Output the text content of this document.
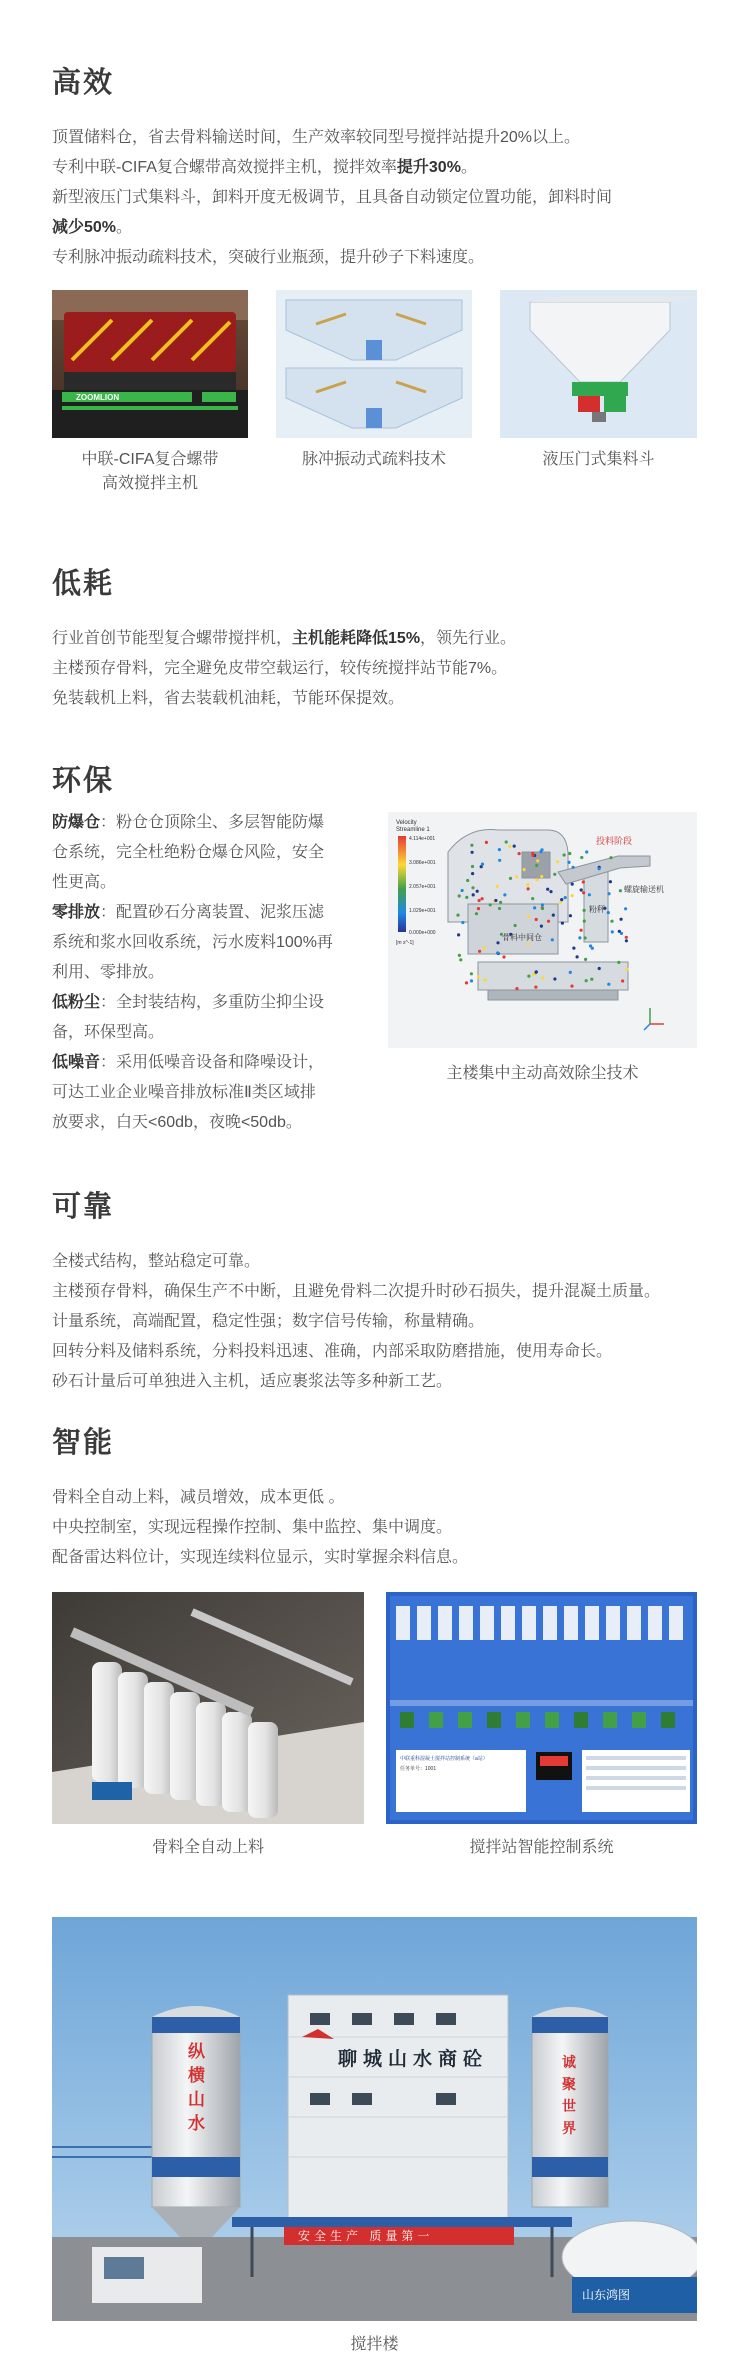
高效

顶置储料仓，省去骨料输送时间，生产效率较同型号搅拌站提升20%以上。

专利中联-CIFA复合螺带高效搅拌主机，搅拌效率提升30%。

新型液压门式集料斗，卸料开度无极调节，且具备自动锁定位置功能，卸料时间

减少50%。

专利脉冲振动疏料技术，突破行业瓶颈，提升砂子下料速度。

ZOOMLION
中联-CIFA复合螺带
高效搅拌主机
脉冲振动式疏料技术	液压门式集料斗
低耗

行业首创节能型复合螺带搅拌机，主机能耗降低15%，领先行业。

主楼预存骨料，完全避免皮带空载运行，较传统搅拌站节能7%。

免装载机上料，省去装载机油耗，节能环保提效。

环保

防爆仓：粉仓仓顶除尘、多层智能防爆

仓系统，完全杜绝粉仓爆仓风险，安全

性更高。

零排放：配置砂石分离装置、泥浆压滤

系统和浆水回收系统，污水废料100%再

利用、零排放。

低粉尘：全封装结构，多重防尘抑尘设

备，环保型高。

低噪音：采用低噪音设备和降噪设计，

可达工业企业噪音排放标准Ⅱ类区域排

放要求，白天<60db，夜晚<50db。

Velocity
Streamline 1
4.114e+001
3.086e+001
2.057e+001
1.029e+001
0.000e+000
[m s^-1]
投料阶段
螺旋输送机
骨料中间仓
粉秤
主楼集中主动高效除尘技术
可靠

全楼式结构，整站稳定可靠。

主楼预存骨料，确保生产不中断，且避免骨料二次提升时砂石损失，提升混凝土质量。

计量系统，高端配置，稳定性强；数字信号传输，称量精确。

回转分料及储料系统，分料投料迅速、准确，内部采取防磨措施，使用寿命长。

砂石计量后可单独进入主机，适应裹浆法等多种新工艺。

智能

骨料全自动上料，减员增效，成本更低 。

中央控制室，实现远程操作控制、集中监控、集中调度。

配备雷达料位计，实现连续料位显示，实时掌握余料信息。

骨料全自动上料
中联重科混凝土搅拌站控制系统（a站）
任务单号：1001
搅拌站智能控制系统
纵
横
山
水
聊城山水商砼	诚
聚
世
界
安全生产 质量第一
山东鸿图
搅拌楼
